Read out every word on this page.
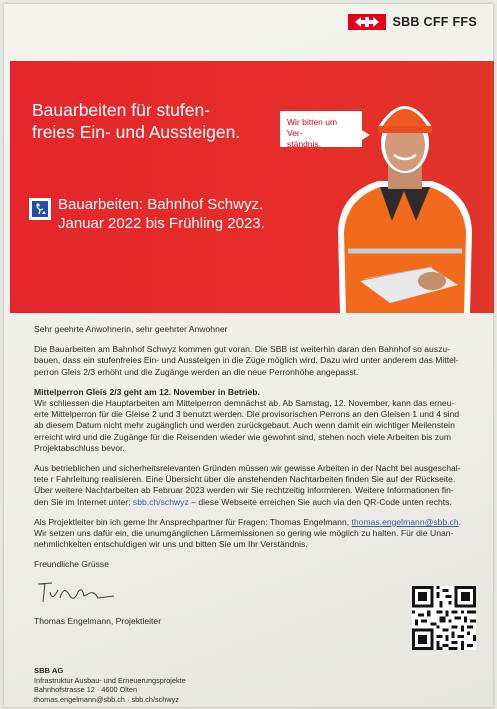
SBB CFF FFS
Bauarbeiten für stufen-
freies Ein- und Aussteigen.	Wir bitten um Ver-
ständnis.
Bauarbeiten: Bahnhof Schwyz.
Januar 2022 bis Frühling 2023.

Sehr geehrte Anwohnerin, sehr geehrter Anwohner

Die Bauarbeiten am Bahnhof Schwyz kommen gut voran. Die SBB ist weiterhin daran den Bahnhof so auszu-
bauen, dass ein stufenfreies Ein- und Aussteigen in die Züge möglich wird. Dazu wird unter anderem das Mittel-
perron Gleis 2/3 erhöht und die Zugänge werden an die neue Perronhöhe angepasst.

Mittelperron Gleis 2/3 geht am 12. November in Betrieb.

Wir schliessen die Hauptarbeiten am Mittelperron demnächst ab. Ab Samstag, 12. November, kann das erneu-
erte Mittelperron für die Gleise 2 und 3 benutzt werden. Die provisorischen Perrons an den Gleisen 1 und 4 sind
ab diesem Datum nicht mehr zugänglich und werden zurückgebaut. Auch wenn damit ein wichtiger Meilenstein
erreicht wird und die Zugänge für die Reisenden wieder wie gewohnt sind, stehen noch viele Arbeiten bis zum
Projektabschluss bevor.

Aus betrieblichen und sicherheitsrelevanten Gründen müssen wir gewisse Arbeiten in der Nacht bei ausgeschal-
tete r Fahrleitung realisieren. Eine Übersicht über die anstehenden Nachtarbeiten finden Sie auf der Rückseite.
Über weitere Nachtarbeiten ab Februar 2023 werden wir Sie rechtzeitig informieren. Weitere Informationen fin-
den Sie im Internet unter: sbb.ch/schwyz – diese Webseite erreichen Sie auch via den QR-Code unten rechts.

Als Projektleiter bin ich gerne Ihr Ansprechpartner für Fragen: Thomas Engelmann, thomas.engelmann@sbb.ch.
Wir setzen uns dafür ein, die unumgänglichen Lärmemissionen so gering wie möglich zu halten. Für die Unan-
nehmlichkeiten entschuldigen wir uns und bitten Sie um Ihr Verständnis.

Freundliche Grüsse

Thomas Engelmann, Projektleiter
SBB AG
Infrastruktur Ausbau- und Erneuerungsprojekte
Bahnhofstrasse 12 · 4600 Olten
thomas.engelmann@sbb.ch · sbb.ch/schwyz
